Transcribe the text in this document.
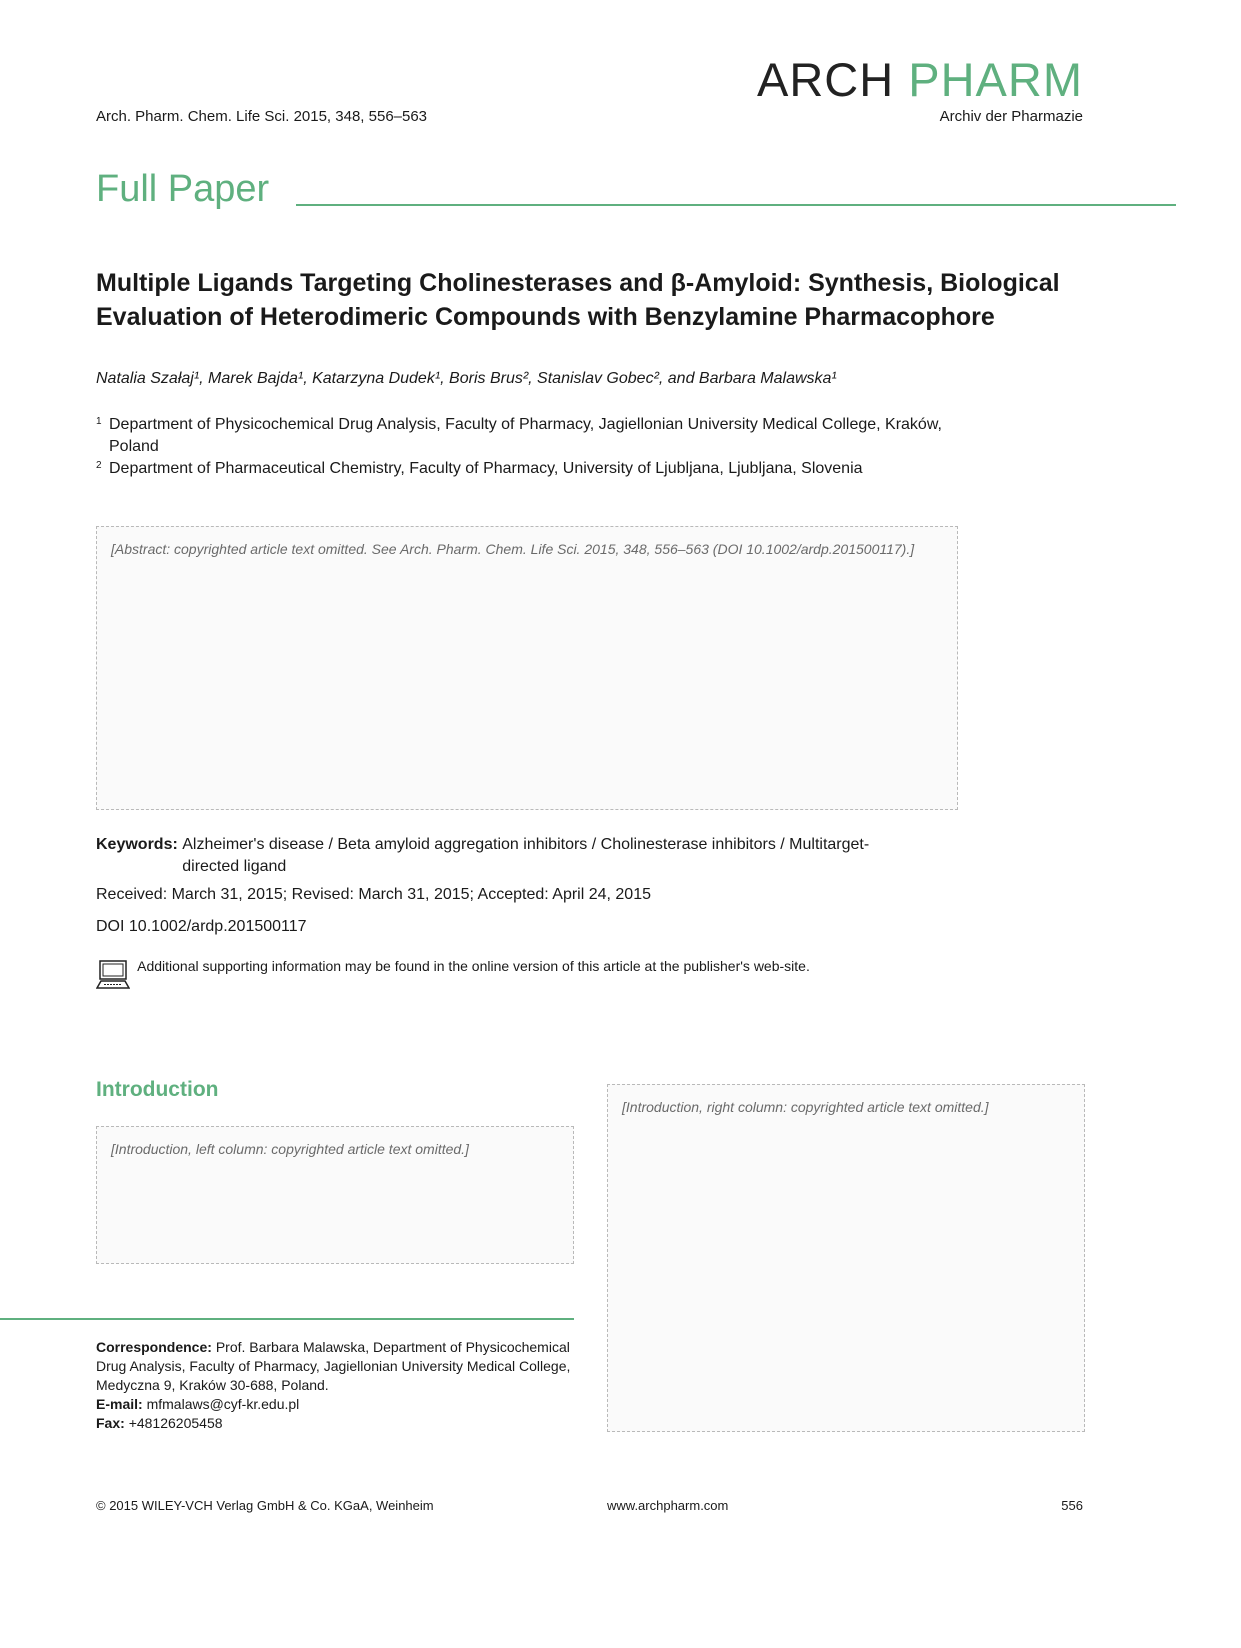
Arch. Pharm. Chem. Life Sci. 2015, 348, 556–563
ARCH PHARM
Archiv der Pharmazie
Full Paper
Multiple Ligands Targeting Cholinesterases and β-Amyloid: Synthesis, Biological Evaluation of Heterodimeric Compounds with Benzylamine Pharmacophore
Natalia Szałaj¹, Marek Bajda¹, Katarzyna Dudek¹, Boris Brus², Stanislav Gobec², and Barbara Malawska¹
1 Department of Physicochemical Drug Analysis, Faculty of Pharmacy, Jagiellonian University Medical College, Kraków, Poland
2 Department of Pharmaceutical Chemistry, Faculty of Pharmacy, University of Ljubljana, Ljubljana, Slovenia
[Abstract: copyrighted article text omitted. See Arch. Pharm. Chem. Life Sci. 2015, 348, 556–563 (DOI 10.1002/ardp.201500117).]
Keywords: Alzheimer's disease / Beta amyloid aggregation inhibitors / Cholinesterase inhibitors / Multitarget-directed ligand
Received: March 31, 2015; Revised: March 31, 2015; Accepted: April 24, 2015
DOI 10.1002/ardp.201500117
Additional supporting information may be found in the online version of this article at the publisher's web-site.
Introduction
[Introduction, left column: copyrighted article text omitted.]
[Introduction, right column: copyrighted article text omitted.]
Correspondence: Prof. Barbara Malawska, Department of Physicochemical Drug Analysis, Faculty of Pharmacy, Jagiellonian University Medical College, Medyczna 9, Kraków 30-688, Poland.
E-mail: mfmalaws@cyf-kr.edu.pl
Fax: +48126205458
© 2015 WILEY-VCH Verlag GmbH & Co. KGaA, Weinheim	www.archpharm.com	556
